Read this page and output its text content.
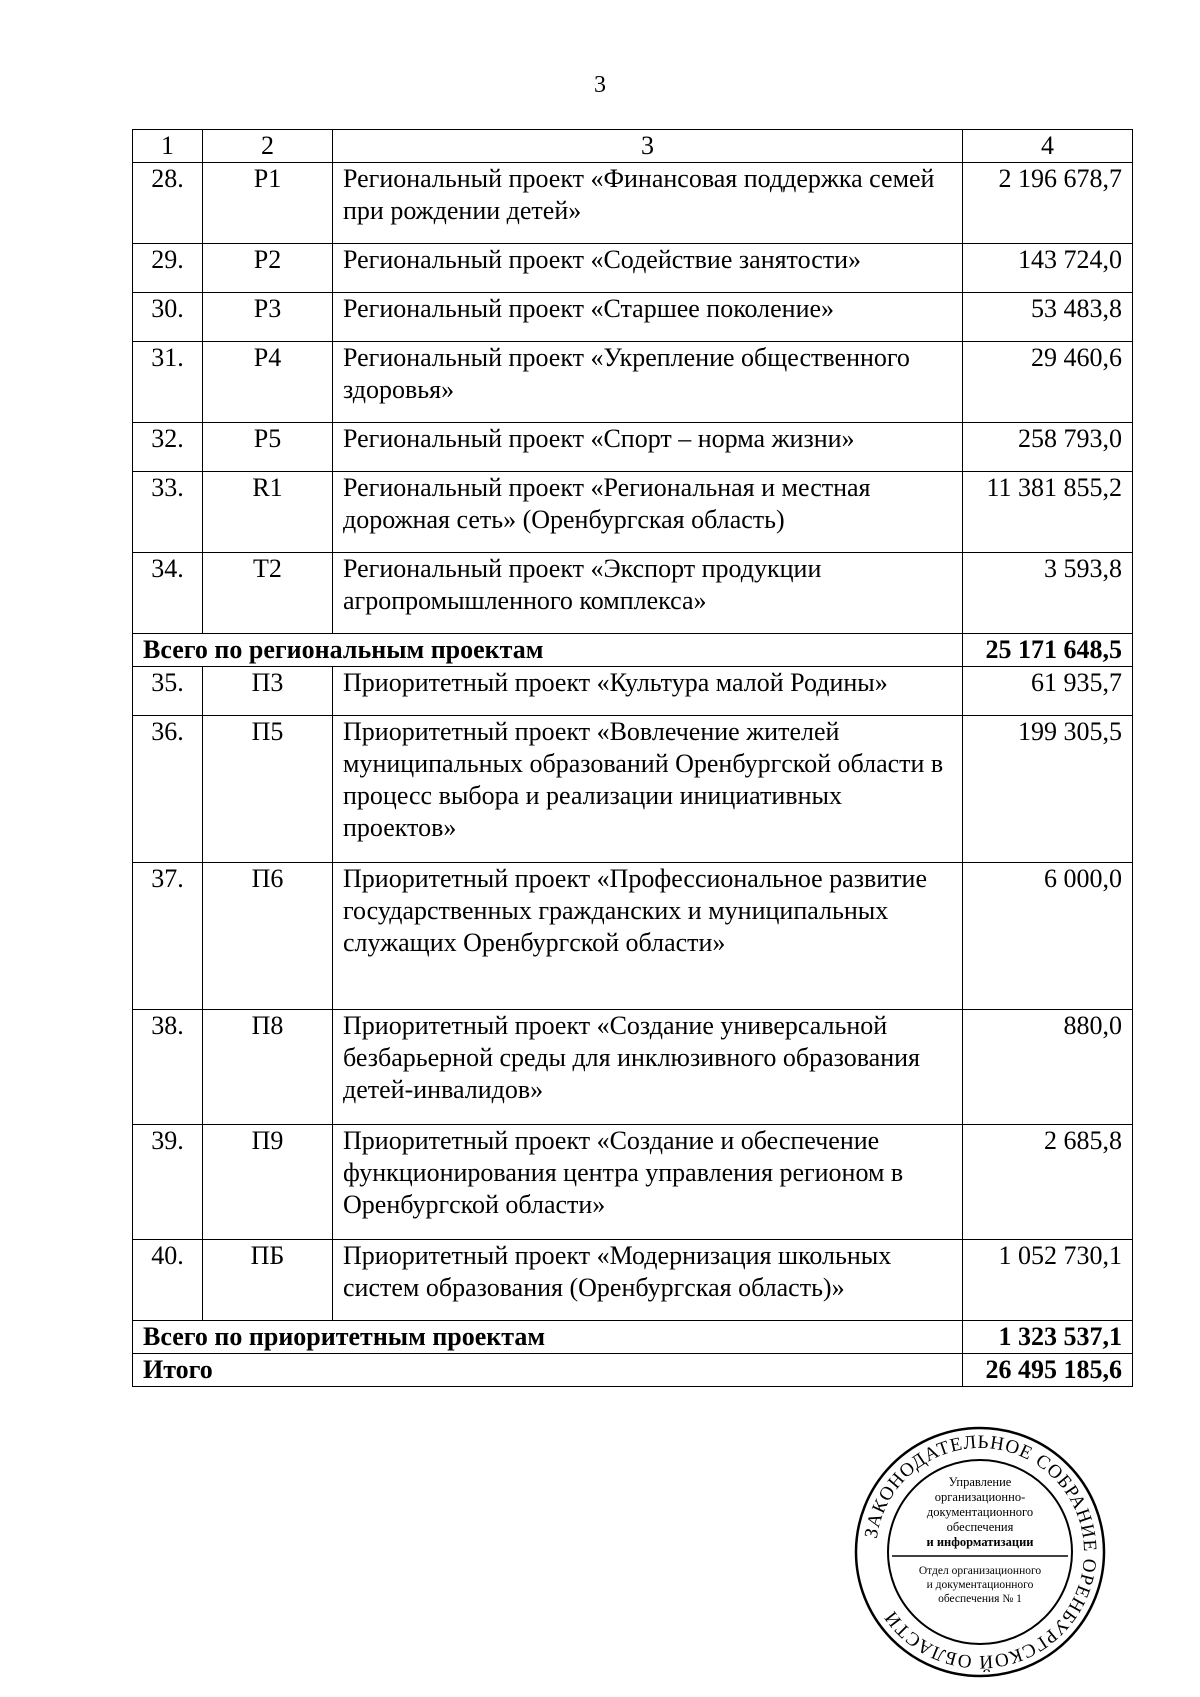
3
1	2	3	4
28.	Р1	Региональный проект «Финансовая поддержка семей при рождении детей»	2 196 678,7
29.	Р2	Региональный проект «Содействие занятости»	143 724,0
30.	Р3	Региональный проект «Старшее поколение»	53 483,8
31.	Р4	Региональный проект «Укрепление общественного здоровья»	29 460,6
32.	Р5	Региональный проект «Спорт – норма жизни»	258 793,0
33.	R1	Региональный проект «Региональная и местная дорожная сеть» (Оренбургская область)	11 381 855,2
34.	Т2	Региональный проект «Экспорт продукции агропромышленного комплекса»	3 593,8
Всего по региональным проектам			25 171 648,5
35.	П3	Приоритетный проект «Культура малой Родины»	61 935,7
36.	П5	Приоритетный проект «Вовлечение жителей муниципальных образований Оренбургской области в процесс выбора и реализации инициативных проектов»	199 305,5
37.	П6	Приоритетный проект «Профессиональное развитие государственных гражданских и муниципальных служащих Оренбургской области»	6 000,0
38.	П8	Приоритетный проект «Создание универсальной безбарьерной среды для инклюзивного образования детей-инвалидов»	880,0
39.	П9	Приоритетный проект «Создание и обеспечение функционирования центра управления регионом в Оренбургской области»	2 685,8
40.	ПБ	Приоритетный проект «Модернизация школьных систем образования (Оренбургская область)»	1 052 730,1
Всего по приоритетным проектам			1 323 537,1
Итого			26 495 185,6
ЗАКОНОДАТЕЛЬНОЕ СОБРАНИЕ ОРЕНБУРГСКОЙ ОБЛАСТИ
Управление
организационно-
документационного
обеспечения
и информатизации
Отдел организационного
и документационного
обеспечения № 1
